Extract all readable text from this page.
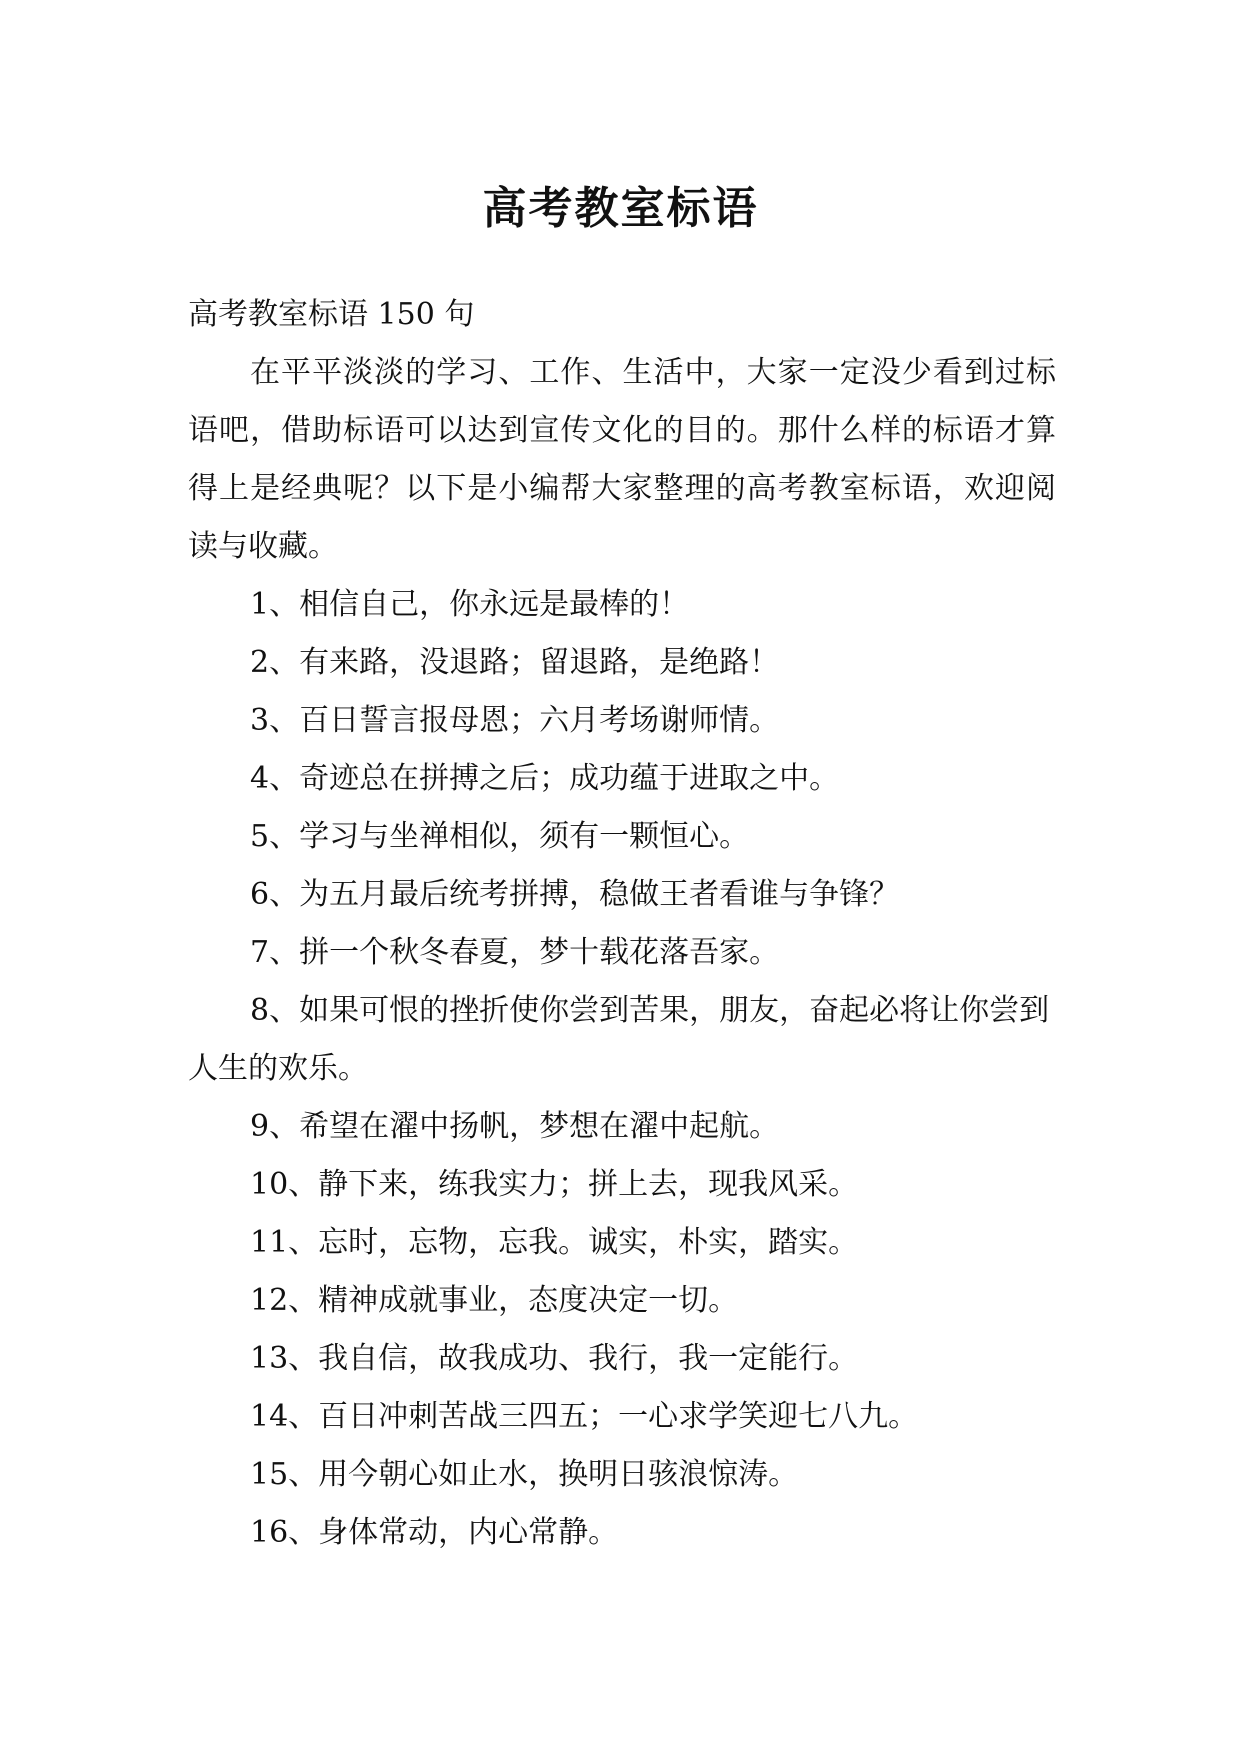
高考教室标语

高考教室标语 150 句

在平平淡淡的学习、工作、生活中，大家一定没少看到过标语吧，借助标语可以达到宣传文化的目的。那什么样的标语才算得上是经典呢？以下是小编帮大家整理的高考教室标语，欢迎阅读与收藏。

1、相信自己，你永远是最棒的！
2、有来路，没退路；留退路，是绝路！
3、百日誓言报母恩；六月考场谢师情。
4、奇迹总在拼搏之后；成功蕴于进取之中。
5、学习与坐禅相似，须有一颗恒心。
6、为五月最后统考拼搏，稳做王者看谁与争锋？
7、拼一个秋冬春夏，梦十载花落吾家。
8、如果可恨的挫折使你尝到苦果，朋友，奋起必将让你尝到人生的欢乐。
9、希望在濯中扬帆，梦想在濯中起航。
10、静下来，练我实力；拼上去，现我风采。
11、忘时，忘物，忘我。诚实，朴实，踏实。
12、精神成就事业，态度决定一切。
13、我自信，故我成功、我行，我一定能行。
14、百日冲刺苦战三四五；一心求学笑迎七八九。
15、用今朝心如止水，换明日骇浪惊涛。
16、身体常动，内心常静。
